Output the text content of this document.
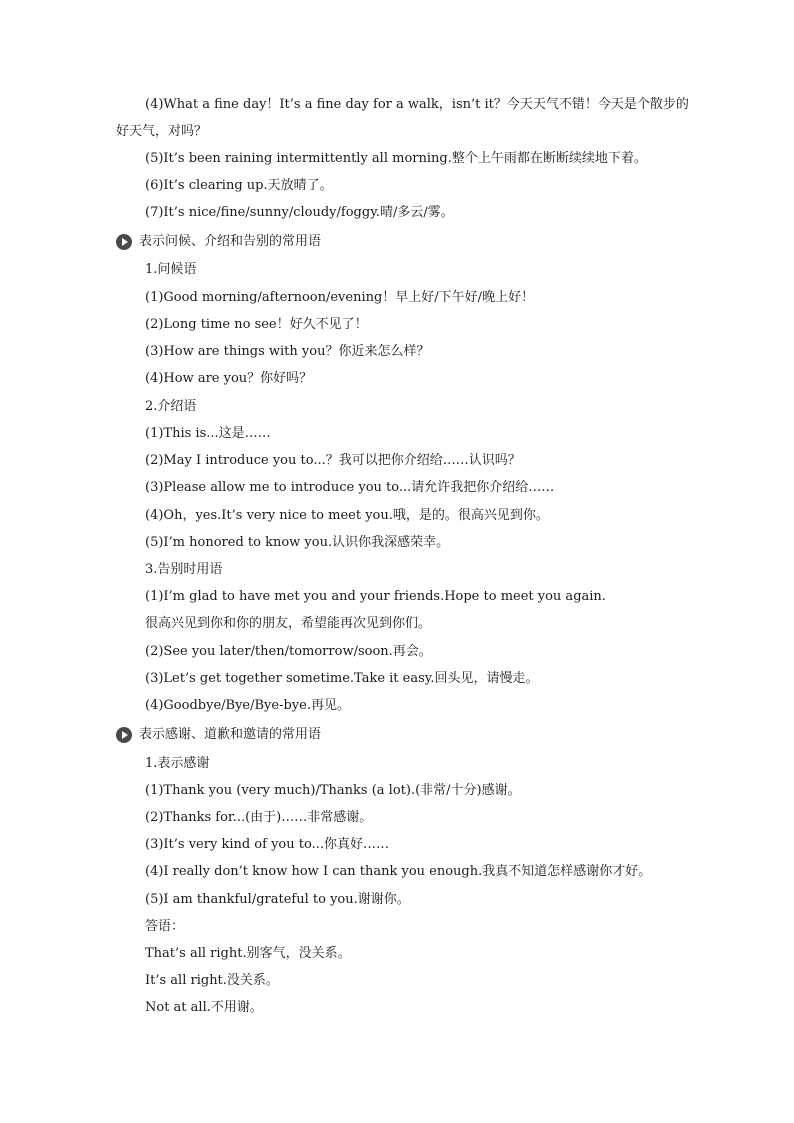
(4)What a fine day！It’s a fine day for a walk，isn’t it？今天天气不错！今天是个散步的
好天气，对吗？
(5)It’s been raining intermittently all morning.整个上午雨都在断断续续地下着。
(6)It’s clearing up.天放晴了。
(7)It’s nice/fine/sunny/cloudy/foggy.晴/多云/雾。
表示问候、介绍和告别的常用语
1.问候语
(1)Good morning/afternoon/evening！早上好/下午好/晚上好！
(2)Long time no see！好久不见了！
(3)How are things with you？你近来怎么样？
(4)How are you？你好吗？
2.介绍语
(1)This is...这是……
(2)May I introduce you to...？我可以把你介绍给……认识吗？
(3)Please allow me to introduce you to...请允许我把你介绍给……
(4)Oh，yes.It’s very nice to meet you.哦，是的。很高兴见到你。
(5)I’m honored to know you.认识你我深感荣幸。
3.告别时用语
(1)I’m glad to have met you and your friends.Hope to meet you again.
很高兴见到你和你的朋友，希望能再次见到你们。
(2)See you later/then/tomorrow/soon.再会。
(3)Let’s get together sometime.Take it easy.回头见，请慢走。
(4)Goodbye/Bye/Bye-bye.再见。
表示感谢、道歉和邀请的常用语
1.表示感谢
(1)Thank you (very much)/Thanks (a lot).(非常/十分)感谢。
(2)Thanks for...(由于)……非常感谢。
(3)It’s very kind of you to...你真好……
(4)I really don’t know how I can thank you enough.我真不知道怎样感谢你才好。
(5)I am thankful/grateful to you.谢谢你。
答语：
That’s all right.别客气，没关系。
It’s all right.没关系。
Not at all.不用谢。
